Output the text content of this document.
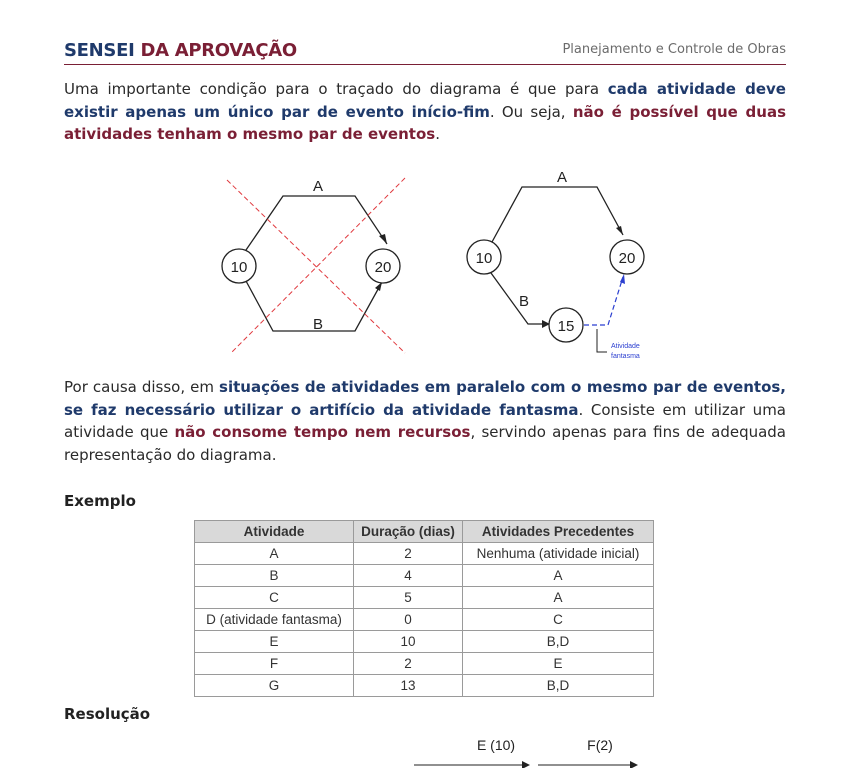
SENSEI DA APROVAÇÃO	Planejamento e Controle de Obras

Uma importante condição para o traçado do diagrama é que para cada atividade deve existir apenas um único par de evento início-fim. Ou seja, não é possível que duas atividades tenham o mesmo par de eventos.

10	20
A
B
10	20
15
A
B
Atividade
fantasma

Por causa disso, em situações de atividades em paralelo com o mesmo par de eventos, se faz necessário utilizar o artifício da atividade fantasma. Consiste em utilizar uma atividade que não consome tempo nem recursos, servindo apenas para fins de adequada representação do diagrama.

Exemplo
Atividade	Duração (dias)	Atividades Precedentes
A	2	Nenhuma (atividade inicial)
B	4	A
C	5	A
D (atividade fantasma)	0	C
E	10	B,D
F	2	E
G	13	B,D
Resolução
E (10)	F(2)
